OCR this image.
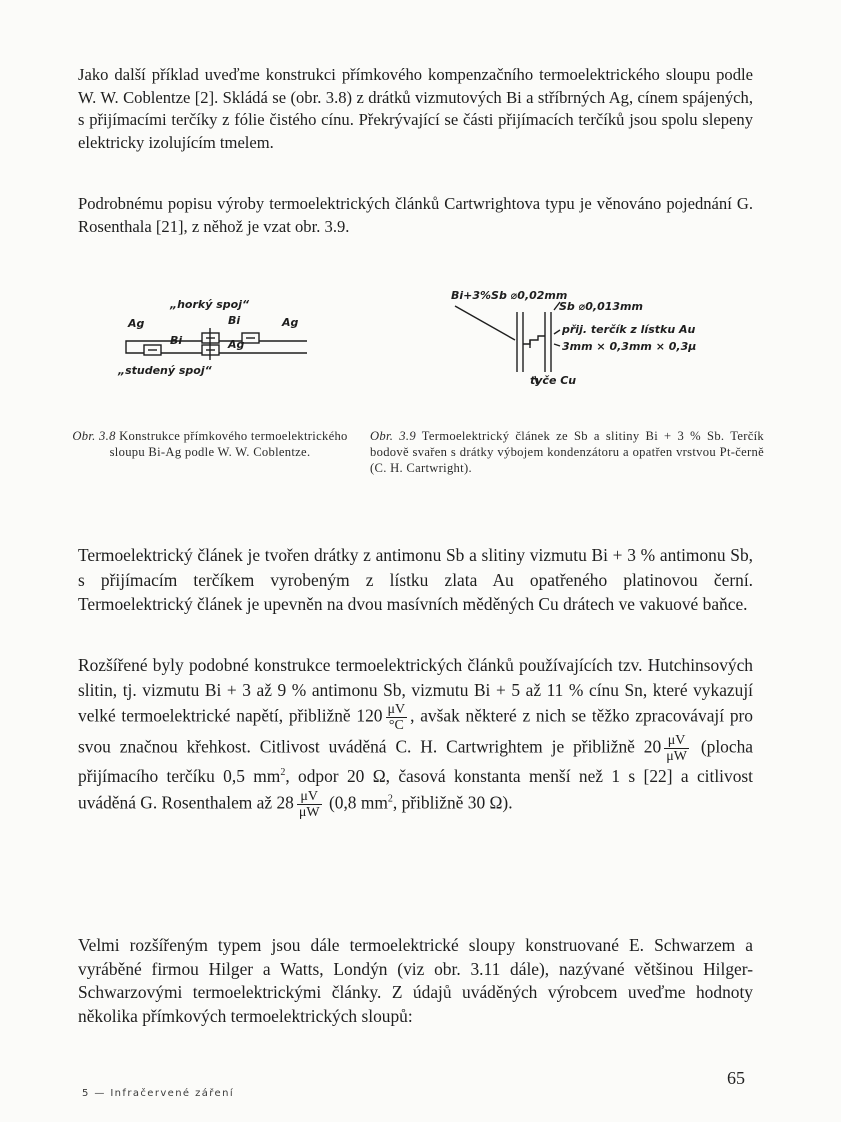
Jako další příklad uveďme konstrukci přímkového kompenzačního termoelektrického sloupu podle W. W. Coblentze [2]. Skládá se (obr. 3.8) z drátků vizmutových Bi a stříbrných Ag, cínem spájených, s přijímacími terčíky z fólie čistého cínu. Překrývající se části přijímacích terčíků jsou spolu slepeny elektricky izolujícím tmelem.

Podrobnému popisu výroby termoelektrických článků Cartwrightova typu je věnováno pojednání G. Rosenthala [21], z něhož je vzat obr. 3.9.

„horký spoj“
Ag	Bi	Ag
Bi	Ag
„studený spoj“
Bi+3%Sb ⌀0,02mm
Sb ⌀0,013mm
přij. terčík z lístku Au
3mm × 0,3mm × 0,3μ
tyče Cu

Obr. 3.8 Konstrukce přímkového termoelektrického sloupu Bi-Ag podle W. W. Coblentze.

Obr. 3.9 Termoelektrický článek ze Sb a slitiny Bi + 3 % Sb. Terčík bodově svařen s drátky výbojem kondenzátoru a opatřen vrstvou Pt-černě (C. H. Cartwright).

Termoelektrický článek je tvořen drátky z antimonu Sb a slitiny vizmutu Bi + 3 % antimonu Sb, s přijímacím terčíkem vyrobeným z lístku zlata Au opatřeného platinovou černí. Termoelektrický článek je upevněn na dvou masívních měděných Cu drátech ve vakuové baňce.

Rozšířené byly podobné konstrukce termoelektrických článků používajících tzv. Hutchinsových slitin, tj. vizmutu Bi + 3 až 9 % antimonu Sb, vizmutu Bi + 5 až 11 % cínu Sn, které vykazují velké termoelektrické napětí, přibližně $120 \frac{\mu V}{^\circ C}$ , avšak některé z nich se těžko zpracovávají pro svou značnou křehkost. Citlivost uváděná C. H. Cartwrightem je přibližně $20 \frac{\mu V}{\mu W}$ (plocha přijímacího terčíku 0,5 $mm^2$, odpor 20 Ω, časová konstanta menší než 1 s [22] a citlivost uváděná G. Rosenthalem až $28 \frac{\mu V}{\mu W} (0,8$ $mm^2$, přibližně 30 Ω).

Velmi rozšířeným typem jsou dále termoelektrické sloupy konstruované E. Schwarzem a vyráběné firmou Hilger a Watts, Londýn (viz obr. 3.11 dále), nazývané většinou Hilger-Schwarzovými termoelektrickými články. Z údajů uváděných výrobcem uveďme hodnoty několika přímkových termoelektrických sloupů:

5 — Infračervené záření
65
